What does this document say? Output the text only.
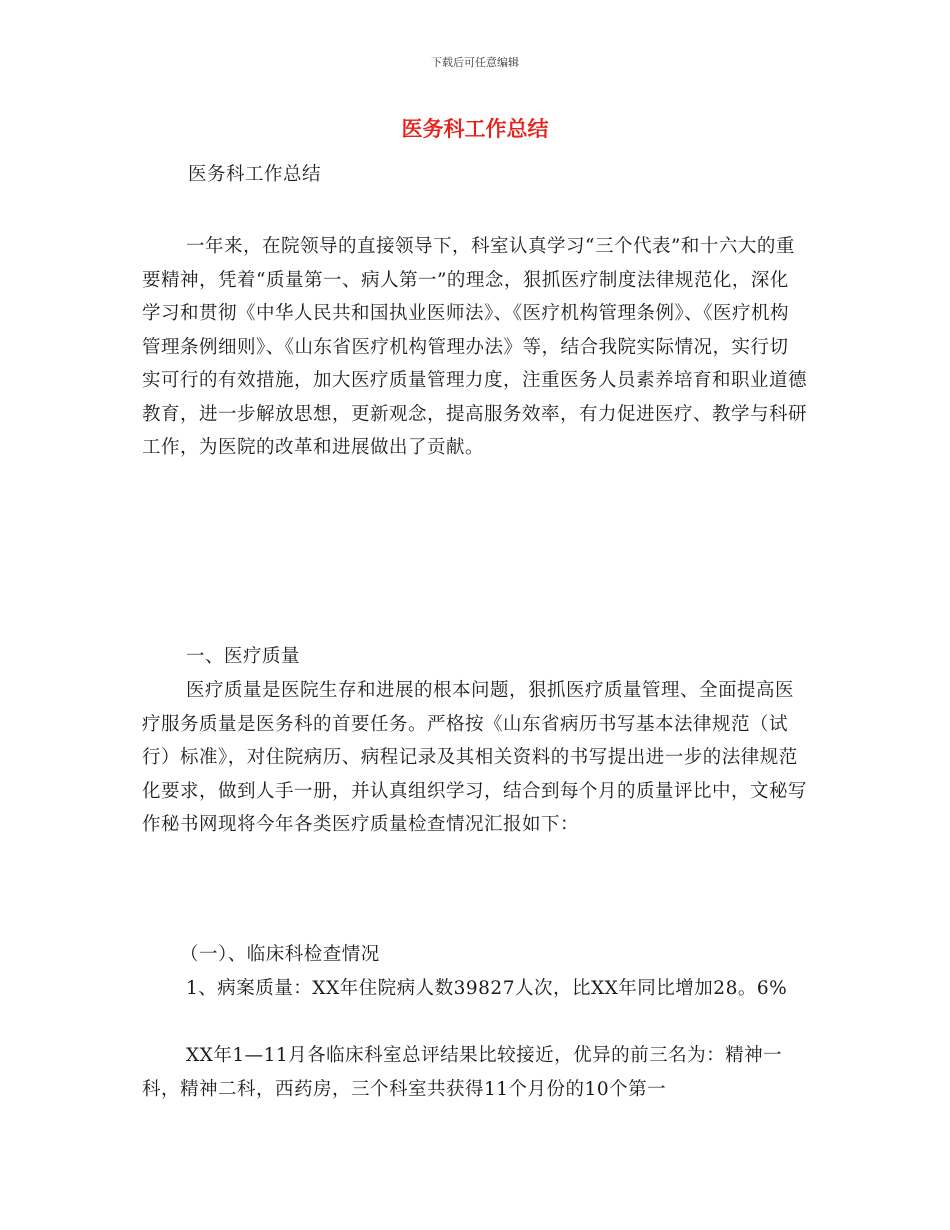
下载后可任意编辑
医务科工作总结

医务科工作总结

一年来，在院领导的直接领导下，科室认真学习“三个代表”和十六大的重要精神，凭着“质量第一、病人第一”的理念，狠抓医疗制度法律规范化，深化学习和贯彻《中华人民共和国执业医师法》、《医疗机构管理条例》、《医疗机构管理条例细则》、《山东省医疗机构管理办法》等，结合我院实际情况，实行切实可行的有效措施，加大医疗质量管理力度，注重医务人员素养培育和职业道德教育，进一步解放思想，更新观念，提高服务效率，有力促进医疗、教学与科研工作，为医院的改革和进展做出了贡献。

一、医疗质量

医疗质量是医院生存和进展的根本问题，狠抓医疗质量管理、全面提高医疗服务质量是医务科的首要任务。严格按《山东省病历书写基本法律规范（试行）标准》，对住院病历、病程记录及其相关资料的书写提出进一步的法律规范化要求，做到人手一册，并认真组织学习，结合到每个月的质量评比中，文秘写作秘书网现将今年各类医疗质量检查情况汇报如下：

（一）、临床科检查情况

1、病案质量：XX年住院病人数39827人次，比XX年同比增加28。6%

XX年1—11月各临床科室总评结果比较接近，优异的前三名为：精神一科，精神二科，西药房，三个科室共获得11个月份的10个第一
